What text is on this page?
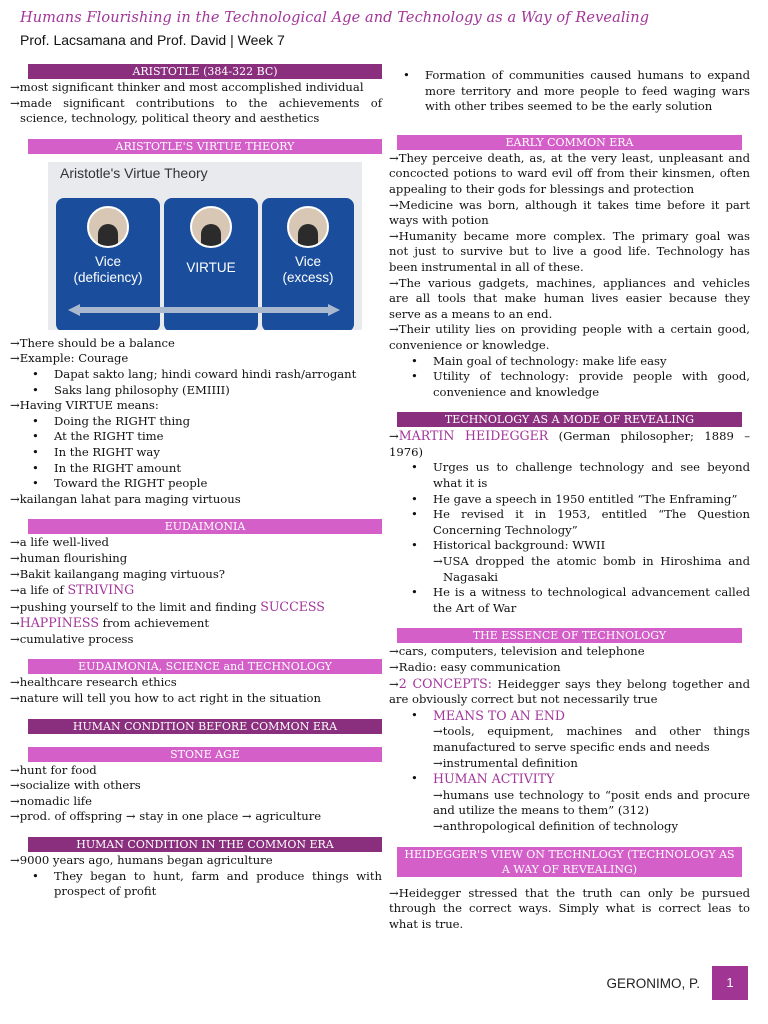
Humans Flourishing in the Technological Age and Technology as a Way of Revealing
Prof. Lacsamana and Prof. David | Week 7
ARISTOTLE (384-322 BC)

→ most significant thinker and most accomplished individual

→ made significant contributions to the achievements of science, technology, political theory and aesthetics

ARISTOTLE'S VIRTUE THEORY
Aristotle's Virtue Theory
Vice
(deficiency)
VIRTUE	Vice
(excess)

→ There should be a balance

→ Example: Courage

• Dapat sakto lang; hindi coward hindi rash/arrogant
• Saks lang philosophy (EMIIII)

→ Having VIRTUE means:

• Doing the RIGHT thing
• At the RIGHT time
• In the RIGHT way
• In the RIGHT amount
• Toward the RIGHT people

→ kailangan lahat para maging virtuous

EUDAIMONIA

→ a life well-lived

→ human flourishing

→ Bakit kailangang maging virtuous?

→ a life of STRIVING

→ pushing yourself to the limit and finding SUCCESS

→ HAPPINESS from achievement

→ cumulative process

EUDAIMONIA, SCIENCE and TECHNOLOGY

→ healthcare research ethics

→ nature will tell you how to act right in the situation

HUMAN CONDITION BEFORE COMMON ERA
STONE AGE

→ hunt for food

→ socialize with others

→ nomadic life

→ prod. of offspring → stay in one place → agriculture

HUMAN CONDITION IN THE COMMON ERA

→ 9000 years ago, humans began agriculture

• They began to hunt, farm and produce things with prospect of profit
• Formation of communities caused humans to expand more territory and more people to feed waging wars with other tribes seemed to be the early solution
EARLY COMMON ERA

→ They perceive death, as, at the very least, unpleasant and concocted potions to ward evil off from their kinsmen, often appealing to their gods for blessings and protection

→ Medicine was born, although it takes time before it part ways with potion

→ Humanity became more complex. The primary goal was not just to survive but to live a good life. Technology has been instrumental in all of these.

→ The various gadgets, machines, appliances and vehicles are all tools that make human lives easier because they serve as a means to an end.

→ Their utility lies on providing people with a certain good, convenience or knowledge.

• Main goal of technology: make life easy
• Utility of technology: provide people with good, convenience and knowledge
TECHNOLOGY AS A MODE OF REVEALING

→ MARTIN HEIDEGGER (German philosopher; 1889 – 1976)

• Urges us to challenge technology and see beyond what it is
• He gave a speech in 1950 entitled “The Enframing”
• He revised it in 1953, entitled “The Question Concerning Technology”
• Historical background: WWII

→ USA dropped the atomic bomb in Hiroshima and Nagasaki

• He is a witness to technological advancement called the Art of War
THE ESSENCE OF TECHNOLOGY

→ cars, computers, television and telephone

→ Radio: easy communication

→ 2 CONCEPTS: Heidegger says they belong together and are obviously correct but not necessarily true

• MEANS TO AN END

→ tools, equipment, machines and other things manufactured to serve specific ends and needs

→ instrumental definition

• HUMAN ACTIVITY

→ humans use technology to “posit ends and procure and utilize the means to them” (312)

→ anthropological definition of technology

HEIDEGGER'S VIEW ON TECHNLOGY (TECHNOLOGY AS A WAY OF REVEALING)

→ Heidegger stressed that the truth can only be pursued through the correct ways. Simply what is correct leas to what is true.

GERONIMO, P.	1
